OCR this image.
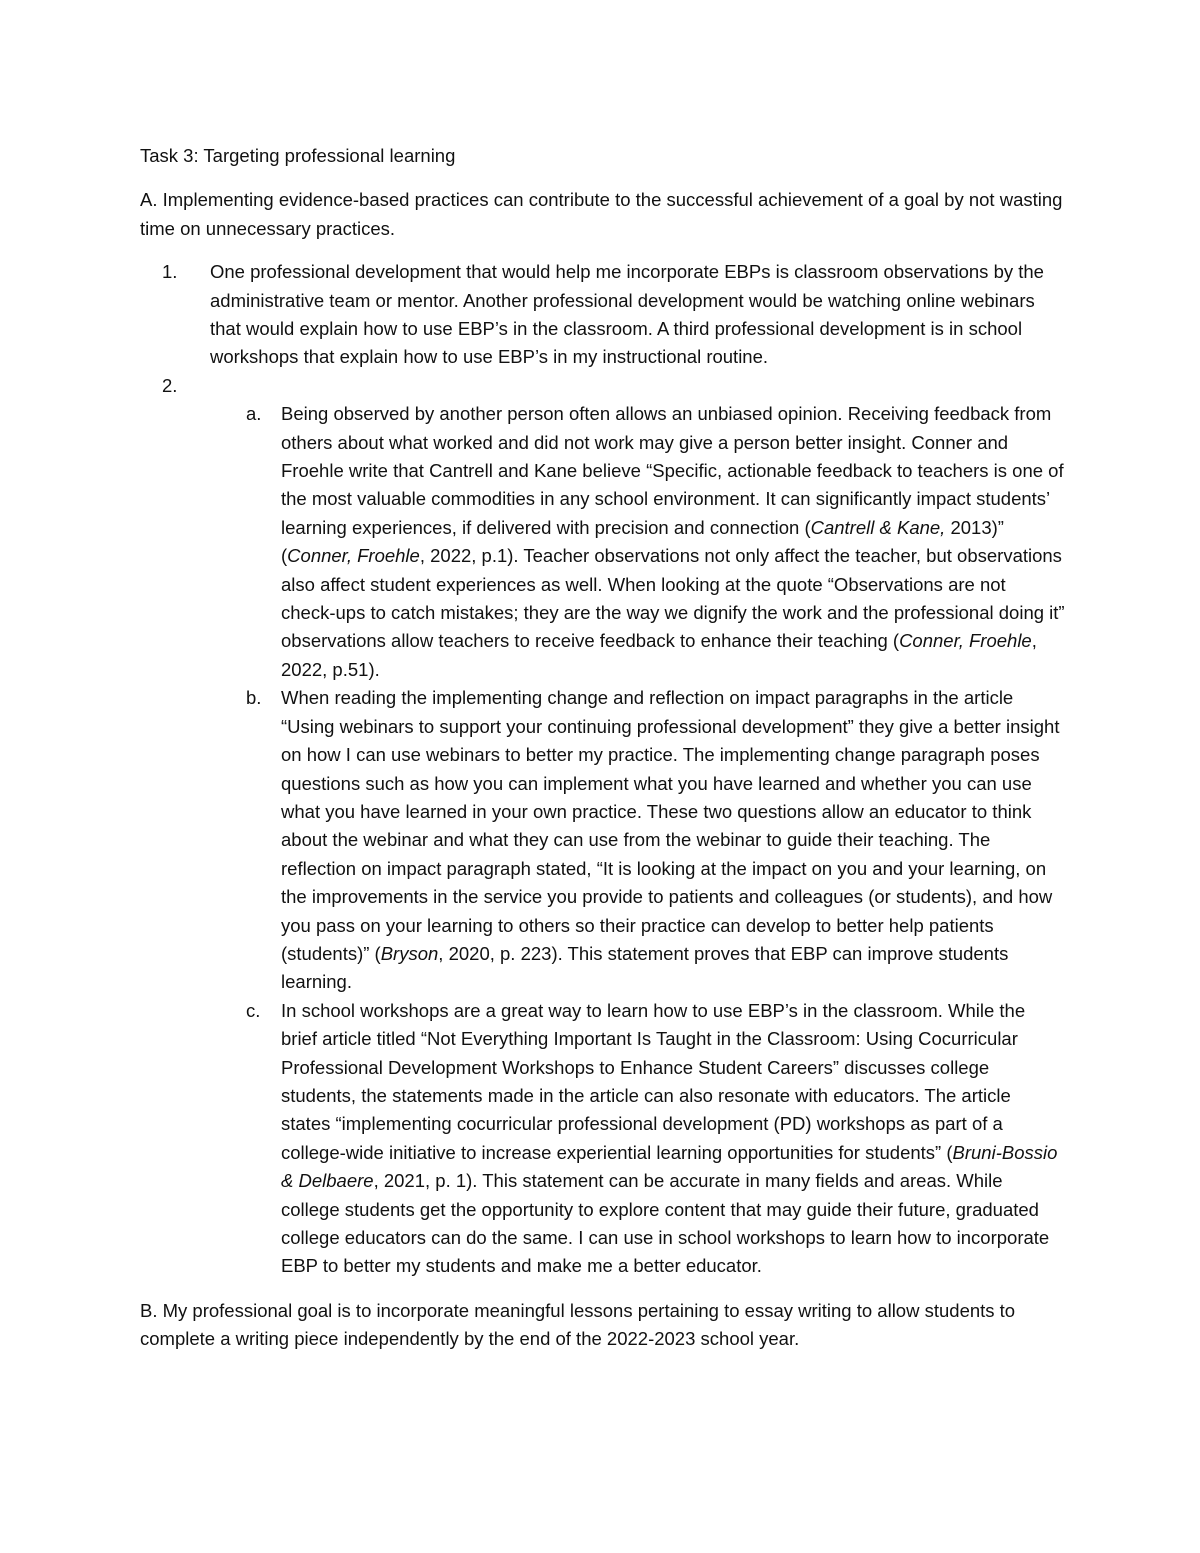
Task 3: Targeting professional learning

A. Implementing evidence-based practices can contribute to the successful achievement of a goal by not wasting time on unnecessary practices.

1. One professional development that would help me incorporate EBPs is classroom observations by the administrative team or mentor. Another professional development would be watching online webinars that would explain how to use EBP’s in the classroom. A third professional development is in school workshops that explain how to use EBP’s in my instructional routine.
2.
a. Being observed by another person often allows an unbiased opinion. Receiving feedback from others about what worked and did not work may give a person better insight. Conner and Froehle write that Cantrell and Kane believe “Specific, actionable feedback to teachers is one of the most valuable commodities in any school environment. It can significantly impact students’ learning experiences, if delivered with precision and connection (Cantrell & Kane, 2013)” (Conner, Froehle, 2022, p.1). Teacher observations not only affect the teacher, but observations also affect student experiences as well. When looking at the quote “Observations are not check-ups to catch mistakes; they are the way we dignify the work and the professional doing it” observations allow teachers to receive feedback to enhance their teaching (Conner, Froehle, 2022, p.51).
b. When reading the implementing change and reflection on impact paragraphs in the article “Using webinars to support your continuing professional development” they give a better insight on how I can use webinars to better my practice. The implementing change paragraph poses questions such as how you can implement what you have learned and whether you can use what you have learned in your own practice. These two questions allow an educator to think about the webinar and what they can use from the webinar to guide their teaching. The reflection on impact paragraph stated, “It is looking at the impact on you and your learning, on the improvements in the service you provide to patients and colleagues (or students), and how you pass on your learning to others so their practice can develop to better help patients (students)” (Bryson, 2020, p. 223). This statement proves that EBP can improve students learning.
c. In school workshops are a great way to learn how to use EBP’s in the classroom. While the brief article titled “Not Everything Important Is Taught in the Classroom: Using Cocurricular Professional Development Workshops to Enhance Student Careers” discusses college students, the statements made in the article can also resonate with educators. The article states “implementing cocurricular professional development (PD) workshops as part of a college-wide initiative to increase experiential learning opportunities for students” (Bruni-Bossio & Delbaere, 2021, p. 1). This statement can be accurate in many fields and areas. While college students get the opportunity to explore content that may guide their future, graduated college educators can do the same. I can use in school workshops to learn how to incorporate EBP to better my students and make me a better educator.

B. My professional goal is to incorporate meaningful lessons pertaining to essay writing to allow students to complete a writing piece independently by the end of the 2022-2023 school year.
